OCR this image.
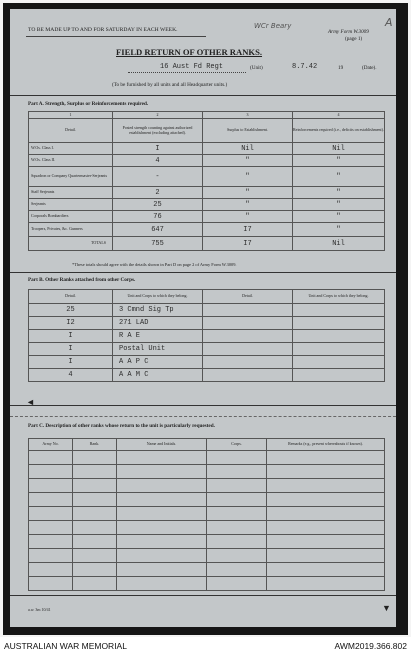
TO BE MADE UP TO AND FOR SATURDAY IN EACH WEEK.	Army Form W.3009
(page 1)
WCr Beary	A
FIELD RETURN OF OTHER RANKS.
16 Aust Fd Regt	(Unit)	8.7.42	19	(Date).
(To be furnished by all units and all Headquarter units.)
Part A. Strength, Surplus or Reinforcements required.
1	2	3	4
Detail.	Posted strength counting against authorized establishment (excluding attached).	Surplus to Establishment.	Reinforcements required (i.e., deficits on establishment).
W.Os. Class I.	I	Nil	Nil
W.Os. Class II.	4	"	"
Squadron or Company Quartermaster-Serjeants	-	"	"
Staff Serjeants	2	"	"
Serjeants	25	"	"
Corporals Bombardiers	76	"	"
Troopers, Privates, &c. Gunners	647	I7	"
TOTALS	755	I7	Nil
*These totals should agree with the details shown in Part D on page 2 of Army Form W.3009.
Part B. Other Ranks attached from other Corps.
Detail.	Unit and Corps to which they belong.	Detail.	Unit and Corps to which they belong.
25	3 Cmnd Sig Tp		
I2	271 LAD		
I	R A E		
I	Postal Unit		
I	A A P C		
4	A A M C		
◄
Part C. Description of other ranks whose return to the unit is particularly requested.
Army No.	Rank.	Name and Initials.	Corps.	Remarks (e.g., present whereabouts if known).

a.w. 3m 10/41	▼
AUSTRALIAN WAR MEMORIAL	AWM2019.366.802
